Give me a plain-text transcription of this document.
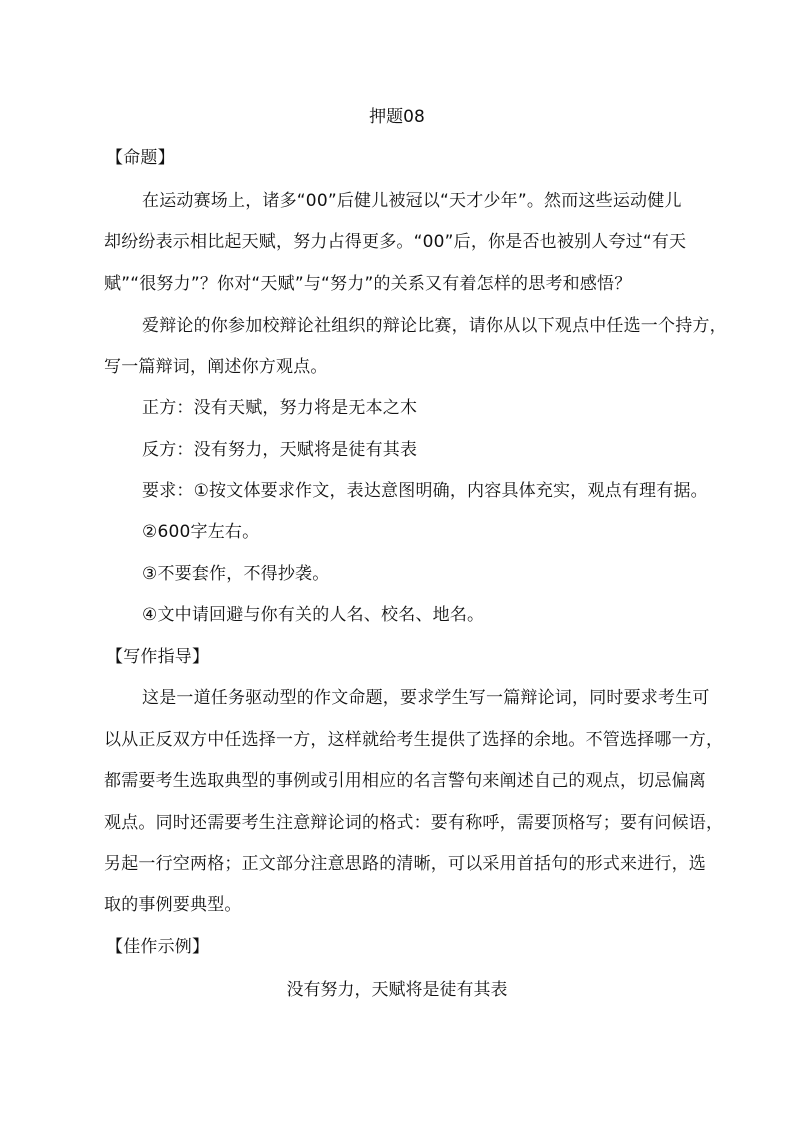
押题08
【命题】
在运动赛场上，诸多“00”后健儿被冠以“天才少年”。然而这些运动健儿
却纷纷表示相比起天赋，努力占得更多。“00”后，你是否也被别人夸过“有天
赋”“很努力”？你对“天赋”与“努力”的关系又有着怎样的思考和感悟？
爱辩论的你参加校辩论社组织的辩论比赛，请你从以下观点中任选一个持方，
写一篇辩词，阐述你方观点。
正方：没有天赋，努力将是无本之木
反方：没有努力，天赋将是徒有其表
要求：①按文体要求作文，表达意图明确，内容具体充实，观点有理有据。
②600字左右。
③不要套作，不得抄袭。
④文中请回避与你有关的人名、校名、地名。
【写作指导】
这是一道任务驱动型的作文命题，要求学生写一篇辩论词，同时要求考生可
以从正反双方中任选择一方，这样就给考生提供了选择的余地。不管选择哪一方，
都需要考生选取典型的事例或引用相应的名言警句来阐述自己的观点，切忌偏离
观点。同时还需要考生注意辩论词的格式：要有称呼，需要顶格写；要有问候语，
另起一行空两格；正文部分注意思路的清晰，可以采用首括句的形式来进行，选
取的事例要典型。
【佳作示例】
没有努力，天赋将是徒有其表
